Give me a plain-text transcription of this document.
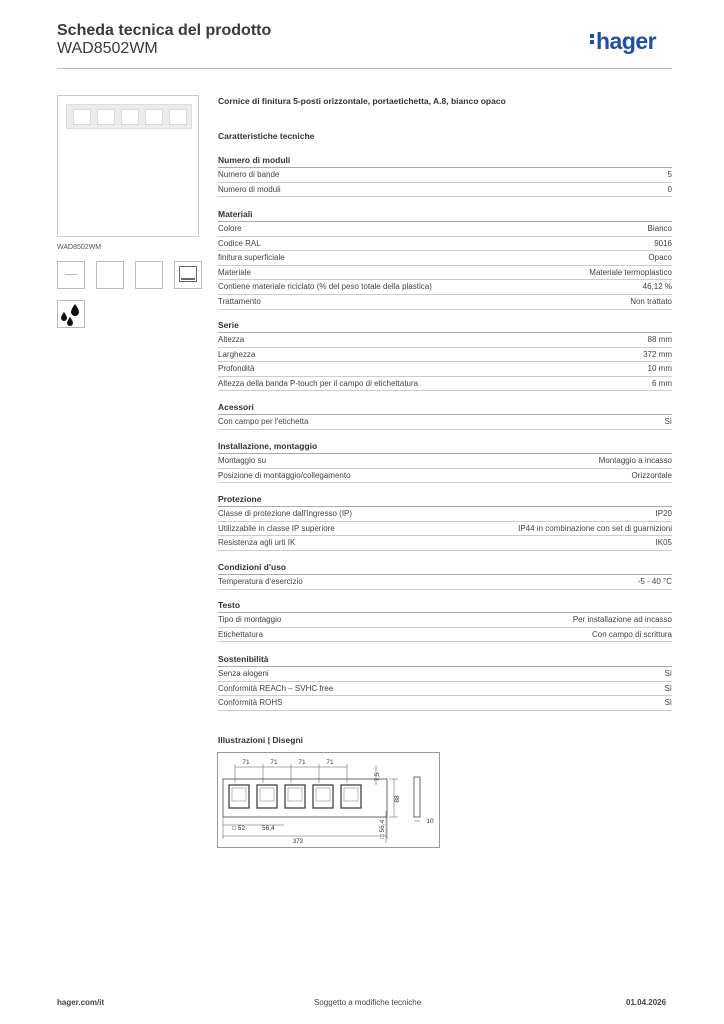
Scheda tecnica del prodotto
WAD8502WM	hager
WAD8502WM
Cornice di finitura 5-posti orizzontale, portaetichetta, A.8, bianco opaco
Caratteristiche tecniche
Numero di moduli
Numero di bande	5
Numero di moduli	0
Materiali
Colore	Bianco
Codice RAL	9016
finitura superficiale	Opaco
Materiale	Materiale termoplastico
Contiene materiale riciclato (% del peso totale della plastica)	46,12 %
Trattamento	Non trattato
Serie
Altezza	88 mm
Larghezza	372 mm
Profondità	10 mm
Altezza della banda P-touch per il campo di etichettatura	6 mm
Acessori
Con campo per l'etichetta	Sì
Installazione, montaggio
Montaggio su	Montaggio a incasso
Posizione di montaggio/collegamento	Orizzontale
Protezione
Classe di protezione dall'ingresso (IP)	IP20
Utilizzabile in classe IP superiore	IP44 in combinazione con set di guarnizioni
Resistenza agli urti IK	IK05
Condizioni d'uso
Temperatura d'esercizio	-5 - 40 °C
Testo
Tipo di montaggio	Per installazione ad incasso
Etichettatura	Con campo di scrittura
Sostenibilità
Senza alogeni	Sì
Conformità REACh – SVHC free	Sì
Conformità ROHS	Sì
Illustrazioni | Disegni
71	71	71	71
7,5
88
□ 52	56,4
372
□ 56,4	10
hager.com/it	Soggetto a modifiche tecniche	01.04.2026
